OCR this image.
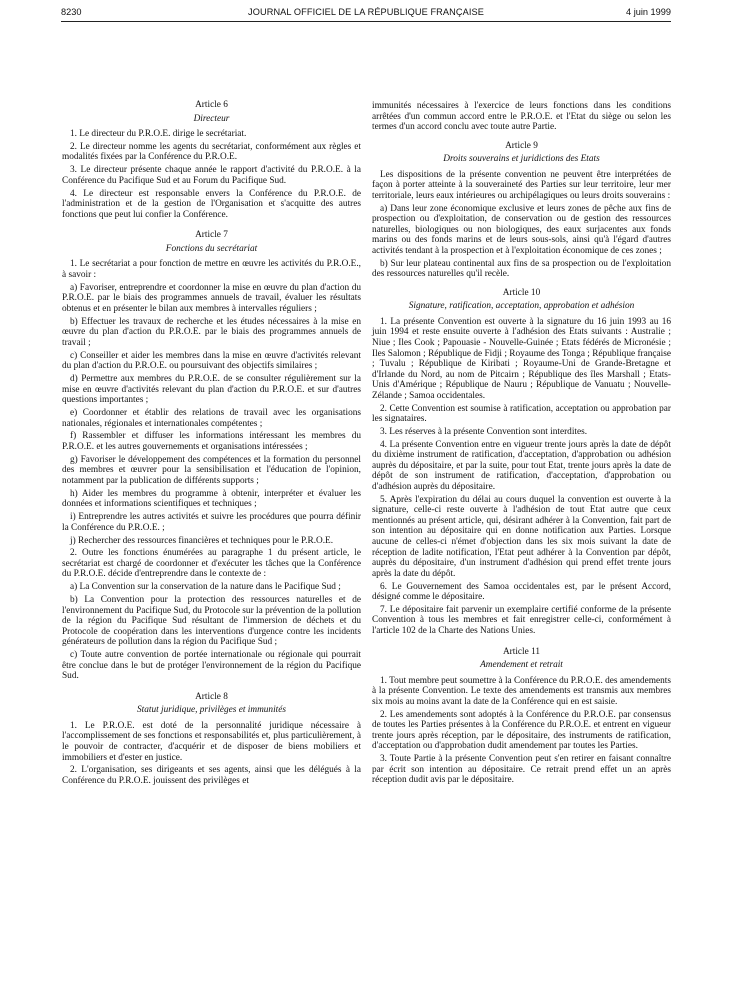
8230	JOURNAL OFFICIEL DE LA RÉPUBLIQUE FRANÇAISE	4 juin 1999

Article 6

Directeur

1. Le directeur du P.R.O.E. dirige le secrétariat.

2. Le directeur nomme les agents du secrétariat, conformément aux règles et modalités fixées par la Conférence du P.R.O.E.

3. Le directeur présente chaque année le rapport d'activité du P.R.O.E. à la Conférence du Pacifique Sud et au Forum du Pacifique Sud.

4. Le directeur est responsable envers la Conférence du P.R.O.E. de l'administration et de la gestion de l'Organisation et s'acquitte des autres fonctions que peut lui confier la Conférence.

Article 7

Fonctions du secrétariat

1. Le secrétariat a pour fonction de mettre en œuvre les activités du P.R.O.E., à savoir :

a) Favoriser, entreprendre et coordonner la mise en œuvre du plan d'action du P.R.O.E. par le biais des programmes annuels de travail, évaluer les résultats obtenus et en présenter le bilan aux membres à intervalles réguliers ;

b) Effectuer les travaux de recherche et les études nécessaires à la mise en œuvre du plan d'action du P.R.O.E. par le biais des programmes annuels de travail ;

c) Conseiller et aider les membres dans la mise en œuvre d'activités relevant du plan d'action du P.R.O.E. ou poursuivant des objectifs similaires ;

d) Permettre aux membres du P.R.O.E. de se consulter régulièrement sur la mise en œuvre d'activités relevant du plan d'action du P.R.O.E. et sur d'autres questions importantes ;

e) Coordonner et établir des relations de travail avec les organisations nationales, régionales et internationales compétentes ;

f) Rassembler et diffuser les informations intéressant les membres du P.R.O.E. et les autres gouvernements et organisations intéressées ;

g) Favoriser le développement des compétences et la formation du personnel des membres et œuvrer pour la sensibilisation et l'éducation de l'opinion, notamment par la publication de différents supports ;

h) Aider les membres du programme à obtenir, interpréter et évaluer les données et informations scientifiques et techniques ;

i) Entreprendre les autres activités et suivre les procédures que pourra définir la Conférence du P.R.O.E. ;

j) Rechercher des ressources financières et techniques pour le P.R.O.E.

2. Outre les fonctions énumérées au paragraphe 1 du présent article, le secrétariat est chargé de coordonner et d'exécuter les tâches que la Conférence du P.R.O.E. décide d'entreprendre dans le contexte de :

a) La Convention sur la conservation de la nature dans le Pacifique Sud ;

b) La Convention pour la protection des ressources naturelles et de l'environnement du Pacifique Sud, du Protocole sur la prévention de la pollution de la région du Pacifique Sud résultant de l'immersion de déchets et du Protocole de coopération dans les interventions d'urgence contre les incidents générateurs de pollution dans la région du Pacifique Sud ;

c) Toute autre convention de portée internationale ou régionale qui pourrait être conclue dans le but de protéger l'environnement de la région du Pacifique Sud.

Article 8

Statut juridique, privilèges et immunités

1. Le P.R.O.E. est doté de la personnalité juridique nécessaire à l'accomplissement de ses fonctions et responsabilités et, plus particulièrement, à le pouvoir de contracter, d'acquérir et de disposer de biens mobiliers et immobiliers et d'ester en justice.

2. L'organisation, ses dirigeants et ses agents, ainsi que les délégués à la Conférence du P.R.O.E. jouissent des privilèges et

immunités nécessaires à l'exercice de leurs fonctions dans les conditions arrêtées d'un commun accord entre le P.R.O.E. et l'Etat du siège ou selon les termes d'un accord conclu avec toute autre Partie.

Article 9

Droits souverains et juridictions des Etats

Les dispositions de la présente convention ne peuvent être interprétées de façon à porter atteinte à la souveraineté des Parties sur leur territoire, leur mer territoriale, leurs eaux intérieures ou archipélagiques ou leurs droits souverains :

a) Dans leur zone économique exclusive et leurs zones de pêche aux fins de prospection ou d'exploitation, de conservation ou de gestion des ressources naturelles, biologiques ou non biologiques, des eaux surjacentes aux fonds marins ou des fonds marins et de leurs sous-sols, ainsi qu'à l'égard d'autres activités tendant à la prospection et à l'exploitation économique de ces zones ;

b) Sur leur plateau continental aux fins de sa prospection ou de l'exploitation des ressources naturelles qu'il recèle.

Article 10

Signature, ratification, acceptation, approbation et adhésion

1. La présente Convention est ouverte à la signature du 16 juin 1993 au 16 juin 1994 et reste ensuite ouverte à l'adhésion des Etats suivants : Australie ; Niue ; Iles Cook ; Papouasie - Nouvelle-Guinée ; Etats fédérés de Micronésie ; Iles Salomon ; République de Fidji ; Royaume des Tonga ; République française ; Tuvalu ; République de Kiribati ; Royaume-Uni de Grande-Bretagne et d'Irlande du Nord, au nom de Pitcairn ; République des îles Marshall ; Etats-Unis d'Amérique ; République de Nauru ; République de Vanuatu ; Nouvelle-Zélande ; Samoa occidentales.

2. Cette Convention est soumise à ratification, acceptation ou approbation par les signataires.

3. Les réserves à la présente Convention sont interdites.

4. La présente Convention entre en vigueur trente jours après la date de dépôt du dixième instrument de ratification, d'acceptation, d'approbation ou adhésion auprès du dépositaire, et par la suite, pour tout Etat, trente jours après la date de dépôt de son instrument de ratification, d'acceptation, d'approbation ou d'adhésion auprès du dépositaire.

5. Après l'expiration du délai au cours duquel la convention est ouverte à la signature, celle-ci reste ouverte à l'adhésion de tout Etat autre que ceux mentionnés au présent article, qui, désirant adhérer à la Convention, fait part de son intention au dépositaire qui en donne notification aux Parties. Lorsque aucune de celles-ci n'émet d'objection dans les six mois suivant la date de réception de ladite notification, l'Etat peut adhérer à la Convention par dépôt, auprès du dépositaire, d'un instrument d'adhésion qui prend effet trente jours après la date du dépôt.

6. Le Gouvernement des Samoa occidentales est, par le présent Accord, désigné comme le dépositaire.

7. Le dépositaire fait parvenir un exemplaire certifié conforme de la présente Convention à tous les membres et fait enregistrer celle-ci, conformément à l'article 102 de la Charte des Nations Unies.

Article 11

Amendement et retrait

1. Tout membre peut soumettre à la Conférence du P.R.O.E. des amendements à la présente Convention. Le texte des amendements est transmis aux membres six mois au moins avant la date de la Conférence qui en est saisie.

2. Les amendements sont adoptés à la Conférence du P.R.O.E. par consensus de toutes les Parties présentes à la Conférence du P.R.O.E. et entrent en vigueur trente jours après réception, par le dépositaire, des instruments de ratification, d'acceptation ou d'approbation dudit amendement par toutes les Parties.

3. Toute Partie à la présente Convention peut s'en retirer en faisant connaître par écrit son intention au dépositaire. Ce retrait prend effet un an après réception dudit avis par le dépositaire.
